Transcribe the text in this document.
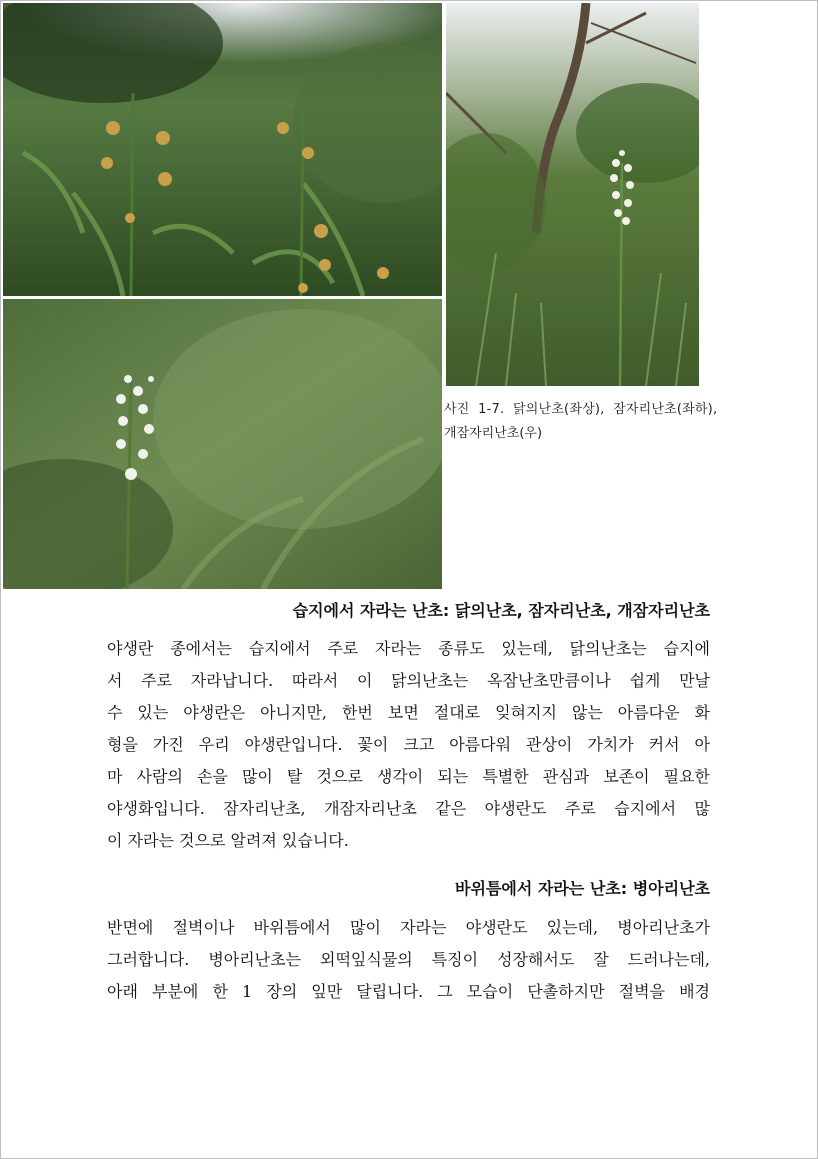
사진  1-7.  닭의난초(좌상),  잠자리난초(좌하),
개잠자리난초(우)
습지에서 자라는 난초: 닭의난초, 잠자리난초, 개잠자리난초
야생란 종에서는 습지에서 주로 자라는 종류도 있는데, 닭의난초는 습지에
서 주로 자라납니다. 따라서 이 닭의난초는 옥잠난초만큼이나 쉽게 만날
수 있는 야생란은 아니지만, 한번 보면 절대로 잊혀지지 않는 아름다운 화
형을 가진 우리 야생란입니다. 꽃이 크고 아름다워 관상이 가치가 커서 아
마 사람의 손을 많이 탈 것으로 생각이 되는 특별한 관심과 보존이 필요한
야생화입니다. 잠자리난초, 개잠자리난초 같은 야생란도 주로 습지에서 많
이 자라는 것으로 알려져 있습니다.
바위틈에서 자라는 난초: 병아리난초
반면에 절벽이나 바위틈에서 많이 자라는 야생란도 있는데, 병아리난초가
그러합니다. 병아리난초는 외떡잎식물의 특징이 성장해서도 잘 드러나는데,
아래 부분에 한 1 장의 잎만 달립니다. 그 모습이 단촐하지만 절벽을 배경
